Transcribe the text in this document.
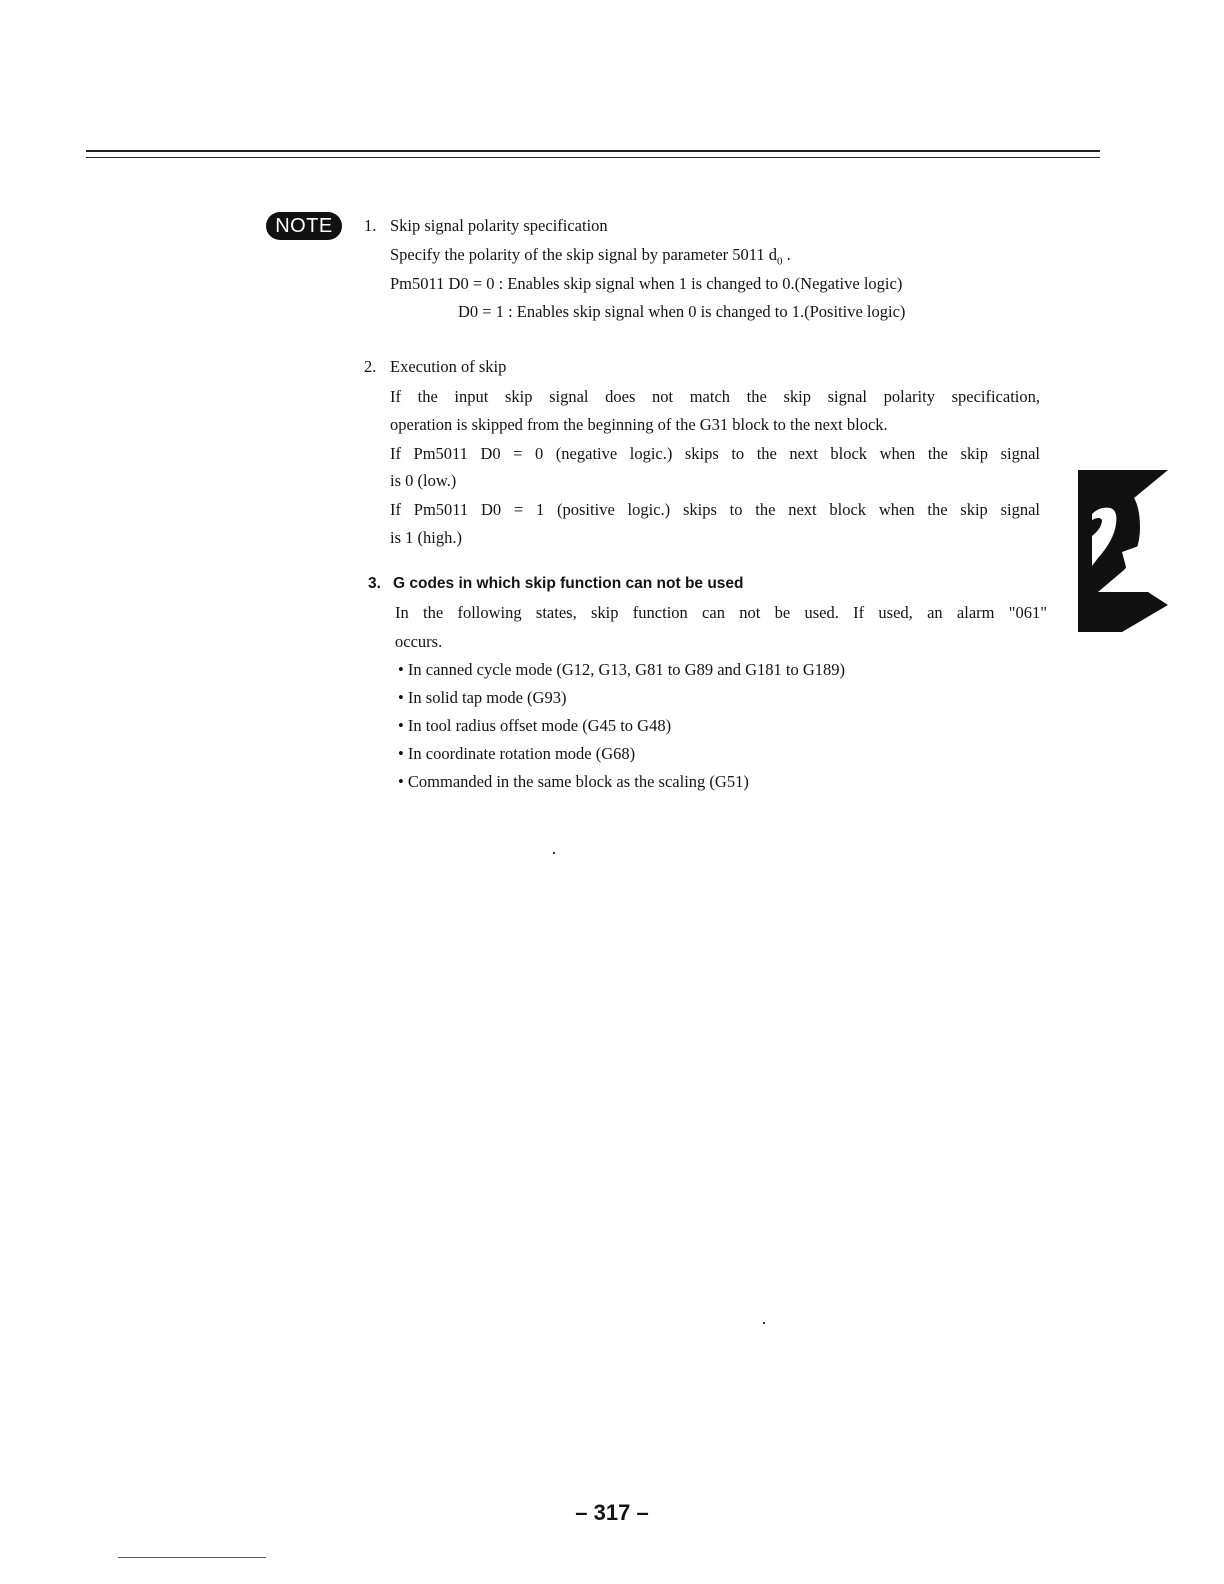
NOTE	1. Skip signal polarity specification
Specify the polarity of the skip signal by parameter 5011 $d_0$ .
Pm5011 D0 = 0 : Enables skip signal when 1 is changed to 0.(Negative logic)
D0 = 1 : Enables skip signal when 0 is changed to 1.(Positive logic)
2. Execution of skip
If the input skip signal does not match the skip signal polarity specification,
operation is skipped from the beginning of the G31 block to the next block.
If Pm5011 D0 = 0 (negative logic.) skips to the next block when the skip signal
is 0 (low.)
If Pm5011 D0 = 1 (positive logic.) skips to the next block when the skip signal
is 1 (high.)
3. G codes in which skip function can not be used
In the following states, skip function can not be used. If used, an alarm "061"
occurs.
• In canned cycle mode (G12, G13, G81 to G89 and G181 to G189)
• In solid tap mode (G93)
• In tool radius offset mode (G45 to G48)
• In coordinate rotation mode (G68)
• Commanded in the same block as the scaling (G51)
– 317 –
